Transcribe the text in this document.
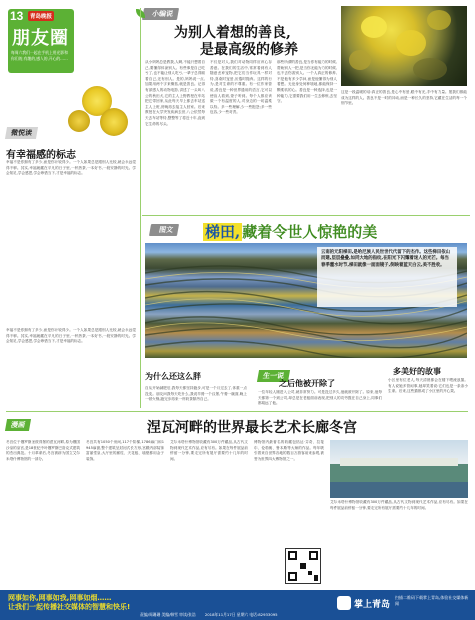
13	青岛晚报
朋友圈
每周六我们一起在手机上用光影和你们的,有趣的,感人的,开心的……
小编说
为别人着想的善良,
是最高级的修养
从小妈妈总是教我,人啊,不能只想着自己,要懂得体谅别人。有些事是自己吃亏了,也不能让别人吃亏,一辈子总得顾着自己,还有别人。是的,妈妈说一点,加果用两个字来概括,就是善良。记得有部感人的动物电影,讲述了一头叫八公的秋田犬,它的主人上野教授在车站把它带回家,从此每天早上都去车站送主人上班,傍晚再去接主人回家。后来教授在大学突发疾病去世,八公依然每天去车站等待,整整等了将近十年,直到它生命的尽头。
不仅是对人,我们对动物同样应该心存善意。在我们的生活中,常常看到有人随意丢弃宠物,把它们当作玩具一样对待,喜欢时宠爱,厌倦时抛弃。这样的行为,是对生命的不尊重。有一位作家曾说,善良是一种世界通用的语言,它可以使盲人看到,聋子听到。每个人都应该做一个有温度的人,对身边的一切温柔以待。多一些理解,少一些抱怨;多一些包容,少一些苛责。
那些所谓的善良,是当你有能力的时候,帮助别人一把,是当你无能为力的时候,也不去伤害别人。一个人真正的修养,不是他有多少学问,而是他懂得为别人着想。无论身处何种境地,都能保持一颗柔软的心。善良是一种选择,也是一种能力,它需要我们用一生去修炼,去坚守。
这是一段温暖的话:真正的善良,是心中有爱,眼中有光,手中有力量。愿我们都能成为这样的人。善良不是一时的冲动,而是一种长久的坚持,它藏在生活的每一个细节里。
微悦读
有幸福感的标志
幸福不是你拥有了多少,而是你计较得少。一个人如果总是跟别人比较,就会永远觉得不够。其实,幸福就藏在平凡的日子里,一杯热茶,一本好书,一段安静的时光。学会知足,学会感恩,学会珍惜当下,才是幸福的标志。
图文	梯田, 藏着令世人惊艳的美
云南的元阳梯田,是哈尼族人民世世代代留下的杰作。这些梯田依山而建,层层叠叠,如同大地的指纹,在阳光下闪耀着迷人的光芒。每当春季灌水时节,梯田就像一面面镜子,倒映着蓝天白云,美不胜收。
为什么还这么胖	生一说
之后他被开除了
多美好的故事
自从开始减肥后,我每天都坚持跑步,可是一个月过去了,体重一点没变。朋友问我每天吃什么,我说早餐一个汉堡,午餐一碗面,晚上一顿火锅,跑完步再来一杯奶茶犒劳自己。
一位年轻人刚进入公司,就非常努力。可是没过多久,他就被开除了。原来,他每天都第一个到公司,却总是在老板面前表现,把别人的功劳揽在自己身上,同事们都疏远了他。
小区里有位老人,每天清晨都会在楼下喂流浪猫。有人说她多管闲事,她却笑着说:它们也是一条条小生命。后来,这些猫都成了小区里的开心果。
幸福不是你拥有了多少,而是你计较得少。一个人如果总是跟别人比较,就会永远觉得不够。其实,幸福就藏在平凡的日子里,一杯热茶,一本好书,一段安静的时光。学会知足,学会感恩,学会珍惜当下,才是幸福的标志。
漫画	涅瓦河畔的世界最长艺术长廊冬宫
冬宫位于俄罗斯圣彼得堡的涅瓦河畔,原为俄国沙皇的皇宫,是18世纪中叶俄罗斯巴洛克式建筑的杰出典范。十月革命后,冬宫被辟为国立艾尔米塔什博物馆的一部分。
冬宫共有1050个房间,117个阶梯,1786扇门和1945扇窗,整个建筑呈封闭式长方形,宫殿内部装饰富丽堂皇,大厅里的廊柱、天花板、墙壁都用金子装饰。
艾尔米塔什博物馆收藏有300万件藏品,从古代文物到现代艺术作品,应有尽有。如果在每件展品前停留一分钟,要走完所有展厅需要约十几年的时间。
博物馆内最著名的收藏包括达·芬奇、拉斐尔、伦勃朗、鲁本斯等大师的作品。每年吸引着来自世界各地的数百万游客前来参观,被誉为世界四大博物馆之一。
艾尔米塔什博物馆收藏有300万件藏品,从古代文物到现代艺术作品,应有尽有。如果在每件展品前停留一分钟,要走完所有展厅需要约十几年的时间。
网事如你,网事如我,网事如烟……
让我们一起传播社交媒体的智慧和快乐!
责编/周珊珊 美编/韩雪 审读/张浩 2018年11月17日 星期六 电话:82933095
掌上青岛
扫描二维码下载掌上青岛,体验社交媒体新闻
